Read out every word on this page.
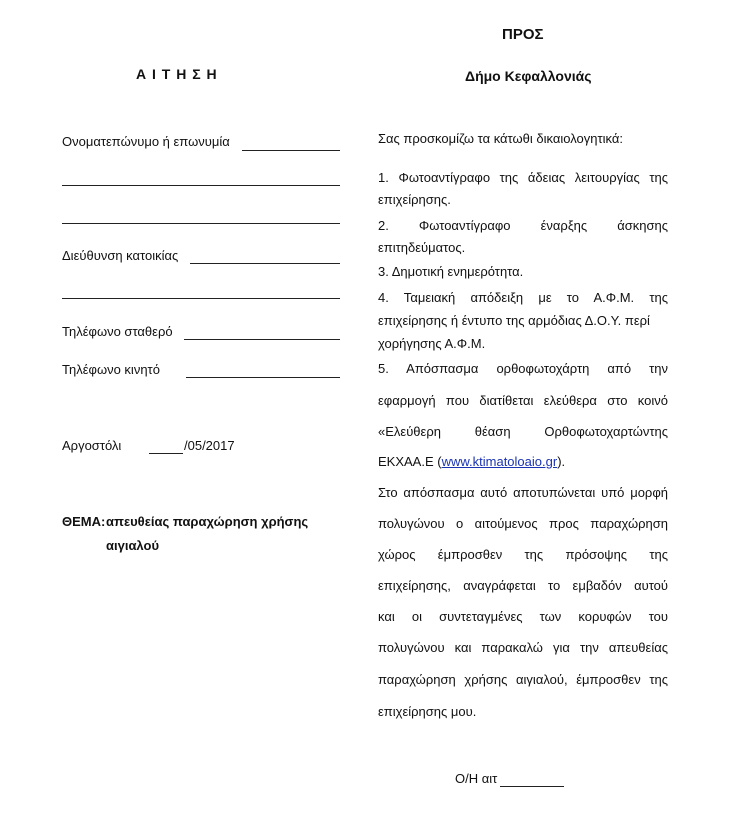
ΠΡΟΣ
Δήμο Κεφαλλονιάς
Α Ι Τ Η Σ Η
Ονοματεπώνυμο ή επωνυμία
Διεύθυνση κατοικίας
Τηλέφωνο σταθερό
Τηλέφωνο κινητό
Αργοστόλι	/05/2017
ΘΕΜΑ: απευθείας παραχώρηση χρήσης
αιγιαλού
Σας προσκομίζω τα κάτωθι δικαιολογητικά:
1. Φωτοαντίγραφο της άδειας λειτουργίας της
επιχείρησης.
2. Φωτοαντίγραφο έναρξης άσκησης
επιτηδεύματος.
3. Δημοτική ενημερότητα.
4. Ταμειακή απόδειξη με το Α.Φ.Μ. της
επιχείρησης ή έντυπο της αρμόδιας Δ.Ο.Υ. περί
χορήγησης Α.Φ.Μ.
5. Απόσπασμα ορθοφωτοχάρτη από την
εφαρμογή που διατίθεται ελεύθερα στο κοινό
«Ελεύθερη θέαση Ορθοφωτοχαρτώντης
ΕΚΧΑΑ.Ε (www.ktimatoloaio.gr).
Στο απόσπασμα αυτό αποτυπώνεται υπό μορφή
πολυγώνου ο αιτούμενος προς παραχώρηση
χώρος έμπροσθεν της πρόσοψης της
επιχείρησης, αναγράφεται το εμβαδόν αυτού
και οι συντεταγμένες των κορυφών του
πολυγώνου και παρακαλώ για την απευθείας
παραχώρηση χρήσης αιγιαλού, έμπροσθεν της
επιχείρησης μου.
Ο/Η αιτ
